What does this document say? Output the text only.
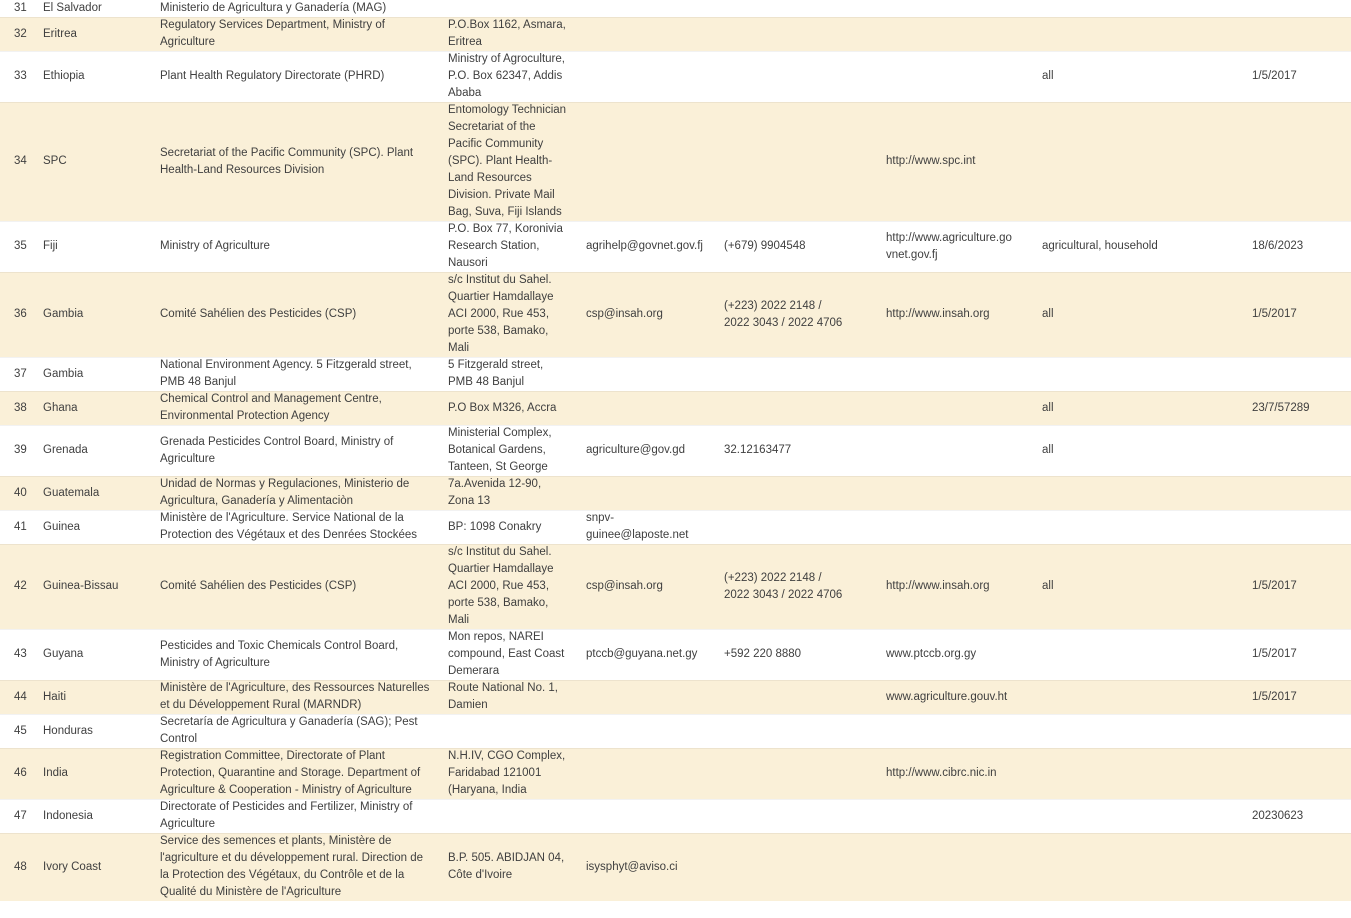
31	El Salvador	Ministerio de Agricultura y Ganadería (MAG)						
32	Eritrea	Regulatory Services Department, Ministry of Agriculture	P.O.Box 1162, Asmara, Eritrea					
33	Ethiopia	Plant Health Regulatory Directorate (PHRD)	Ministry of Agroculture, P.O. Box 62347, Addis Ababa				all	1/5/2017
34	SPC	Secretariat of the Pacific Community (SPC). Plant Health-Land Resources Division	Entomology Technician Secretariat of the Pacific Community (SPC). Plant Health-Land Resources Division. Private Mail Bag, Suva, Fiji Islands			http://www.spc.int		
35	Fiji	Ministry of Agriculture	P.O. Box 77, Koronivia Research Station, Nausori	agrihelp@govnet.gov.fj	(+679) 9904548	http://www.agriculture.govnet.gov.fj	agricultural, household	18/6/2023
36	Gambia	Comité Sahélien des Pesticides (CSP)	s/c Institut du Sahel. Quartier Hamdallaye ACI 2000, Rue 453, porte 538, Bamako, Mali	csp@insah.org	(+223) 2022 2148 / 2022 3043 / 2022 4706	http://www.insah.org	all	1/5/2017
37	Gambia	National Environment Agency. 5 Fitzgerald street, PMB 48 Banjul	5 Fitzgerald street, PMB 48 Banjul					
38	Ghana	Chemical Control and Management Centre, Environmental Protection Agency	P.O Box M326, Accra				all	23/7/57289
39	Grenada	Grenada Pesticides Control Board, Ministry of Agriculture	Ministerial Complex, Botanical Gardens, Tanteen, St George	agriculture@gov.gd	32.12163477		all	
40	Guatemala	Unidad de Normas y Regulaciones, Ministerio de Agricultura, Ganadería y Alimentaciòn	7a.Avenida 12-90, Zona 13					
41	Guinea	Ministère de l'Agriculture. Service National de la Protection des Végétaux et des Denrées Stockées	BP: 1098 Conakry	snpv-guinee@laposte.net				
42	Guinea-Bissau	Comité Sahélien des Pesticides (CSP)	s/c Institut du Sahel. Quartier Hamdallaye ACI 2000, Rue 453, porte 538, Bamako, Mali	csp@insah.org	(+223) 2022 2148 / 2022 3043 / 2022 4706	http://www.insah.org	all	1/5/2017
43	Guyana	Pesticides and Toxic Chemicals Control Board, Ministry of Agriculture	Mon repos, NAREI compound, East Coast Demerara	ptccb@guyana.net.gy	+592 220 8880	www.ptccb.org.gy		1/5/2017
44	Haiti	Ministère de l'Agriculture, des Ressources Naturelles et du Développement Rural (MARNDR)	Route National No. 1, Damien			www.agriculture.gouv.ht		1/5/2017
45	Honduras	Secretaría de Agricultura y Ganadería (SAG); Pest Control						
46	India	Registration Committee, Directorate of Plant Protection, Quarantine and Storage. Department of Agriculture & Cooperation - Ministry of Agriculture	N.H.IV, CGO Complex, Faridabad 121001 (Haryana, India			http://www.cibrc.nic.in		
47	Indonesia	Directorate of Pesticides and Fertilizer, Ministry of Agriculture						20230623
48	Ivory Coast	Service des semences et plants, Ministère de l'agriculture et du développement rural. Direction de la Protection des Végétaux, du Contrôle et de la Qualité du Ministère de l'Agriculture	B.P. 505. ABIDJAN 04, Côte d'Ivoire	isysphyt@aviso.ci				
